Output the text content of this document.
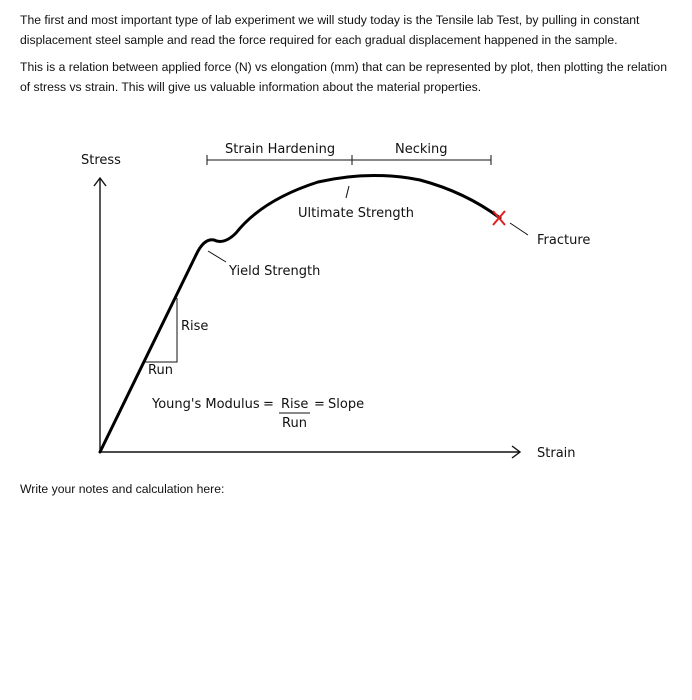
The first and most important type of lab experiment we will study today is the Tensile lab Test, by pulling in constant displacement steel sample and read the force required for each gradual displacement happened in the sample.
This is a relation between applied force (N) vs elongation (mm) that can be represented by plot, then plotting the relation of stress vs strain. This will give us valuable information about the material properties.
Stress
Strain
Strain Hardening	Necking
Fracture
Ultimate Strength
Yield Strength
Rise
Run
Young's Modulus = Rise
Run
= Slope
Write your notes and calculation here:
